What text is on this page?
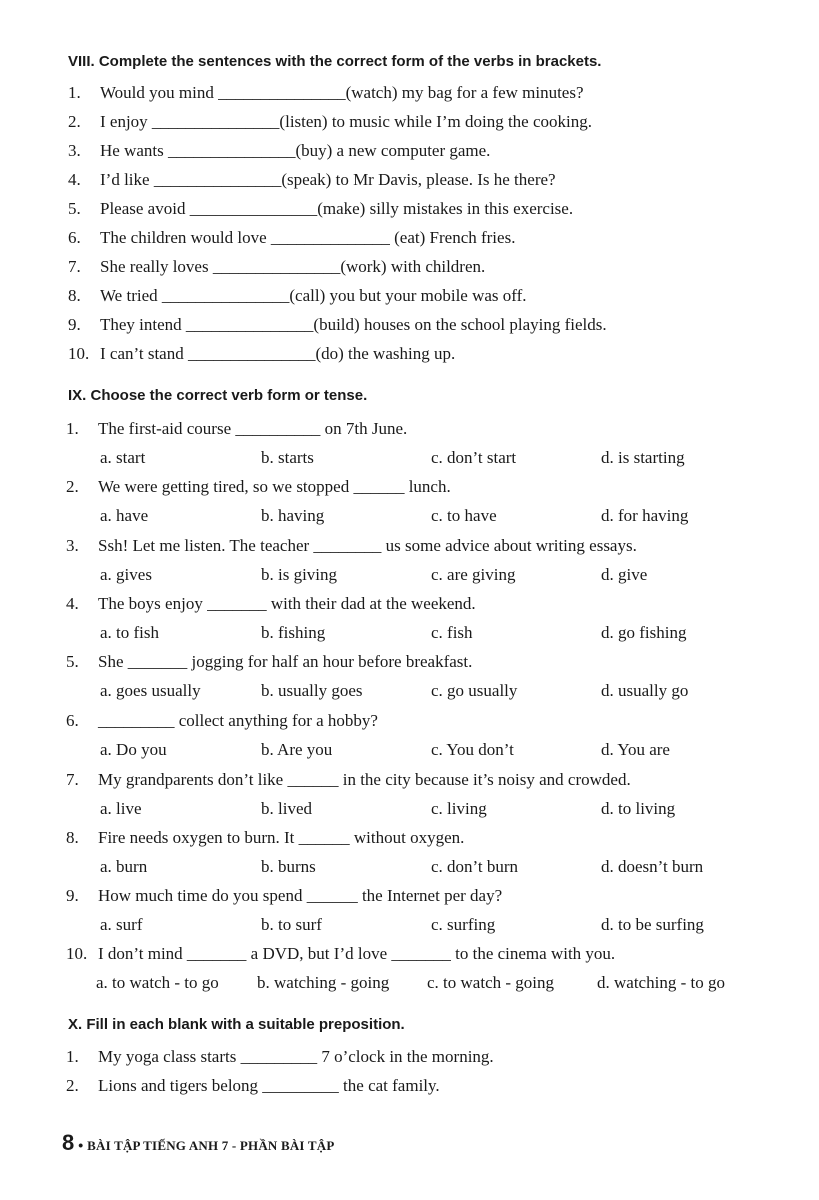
VIII. Complete the sentences with the correct form of the verbs in brackets.
1. Would you mind _______________(watch) my bag for a few minutes?
2. I enjoy _______________(listen) to music while I’m doing the cooking.
3. He wants _______________(buy) a new computer game.
4. I’d like _______________(speak) to Mr Davis, please. Is he there?
5. Please avoid _______________(make) silly mistakes in this exercise.
6. The children would love ______________ (eat) French fries.
7. She really loves _______________(work) with children.
8. We tried _______________(call) you but your mobile was off.
9. They intend _______________(build) houses on the school playing fields.
10. I can’t stand _______________(do) the washing up.
IX. Choose the correct verb form or tense.
1. The first-aid course __________ on 7th June.
a. start	b. starts	c. don’t start	d. is starting
2. We were getting tired, so we stopped ______ lunch.
a. have	b. having	c. to have	d. for having
3. Ssh! Let me listen. The teacher ________ us some advice about writing essays.
a. gives	b. is giving	c. are giving	d. give
4. The boys enjoy _______ with their dad at the weekend.
a. to fish	b. fishing	c. fish	d. go fishing
5. She _______ jogging for half an hour before breakfast.
a. goes usually	b. usually goes	c. go usually	d. usually go
6. _________ collect anything for a hobby?
a. Do you	b. Are you	c. You don’t	d. You are
7. My grandparents don’t like ______ in the city because it’s noisy and crowded.
a. live	b. lived	c. living	d. to living
8. Fire needs oxygen to burn. It ______ without oxygen.
a. burn	b. burns	c. don’t burn	d. doesn’t burn
9. How much time do you spend ______ the Internet per day?
a. surf	b. to surf	c. surfing	d. to be surfing
10. I don’t mind _______ a DVD, but I’d love _______ to the cinema with you.
a. to watch - to go b. watching - going c. to watch - going	d. watching - to go
X. Fill in each blank with a suitable preposition.
1. My yoga class starts _________ 7 o’clock in the morning.
2. Lions and tigers belong _________ the cat family.
8 • BÀI TẬP TIẾNG ANH 7 - PHẦN BÀI TẬP
